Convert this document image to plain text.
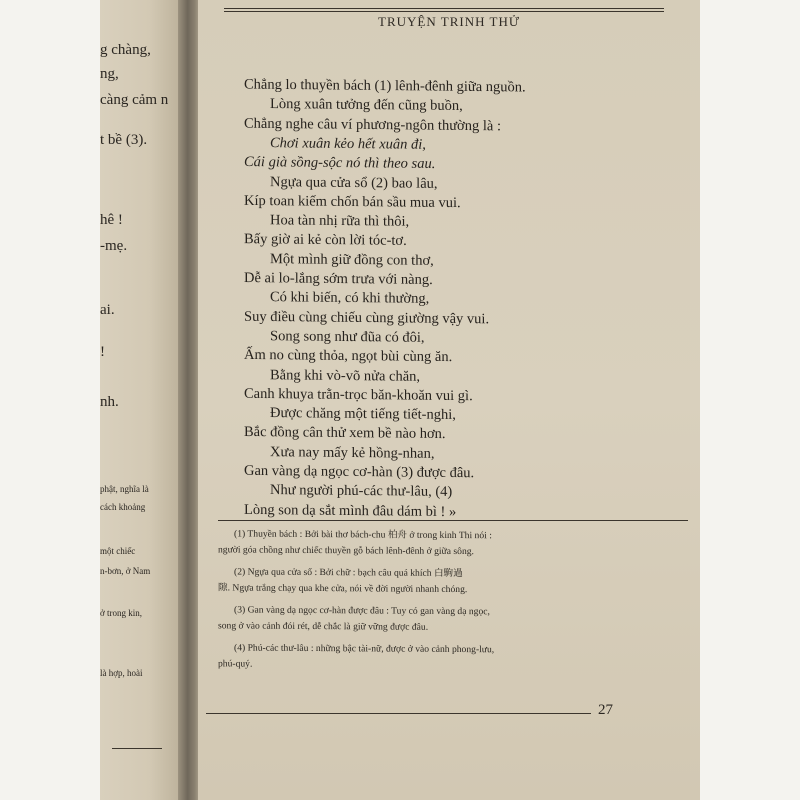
g chàng,
ng,
càng cảm n
t bề (3).
hê !
-mẹ.
ai.
!
nh.
phật, nghĩa là
cách khoảng
một chiếc
n-bơn, ở Nam
ở trong kin,
là hợp, hoài
TRUYỆN TRINH THỬ
Chẳng lo thuyền bách (1) lênh-đênh giữa nguồn.
Lòng xuân tưởng đến cũng buồn,
Chẳng nghe câu ví phương-ngôn thường là :
Chơi xuân kẻo hết xuân đi,
Cái già sồng-sộc nó thì theo sau.
Ngựa qua cửa sổ (2) bao lâu,
Kíp toan kiếm chốn bán sầu mua vui.
Hoa tàn nhị rữa thì thôi,
Bấy giờ ai kẻ còn lời tóc-tơ.
Một mình giữ đồng con thơ,
Dễ ai lo-lắng sớm trưa với nàng.
Có khi biến, có khi thường,
Suy điều cùng chiếu cùng giường vậy vui.
Song song như đũa có đôi,
Ấm no cùng thỏa, ngọt bùi cùng ăn.
Bằng khi vò-võ nửa chăn,
Canh khuya trằn-trọc băn-khoăn vui gì.
Được chăng một tiếng tiết-nghi,
Bắc đồng cân thử xem bề nào hơn.
Xưa nay mấy kẻ hồng-nhan,
Gan vàng dạ ngọc cơ-hàn (3) được đâu.
Như người phú-các thư-lâu, (4)
Lòng son dạ sắt mình đâu dám bì ! »
(1) Thuyền bách : Bởi bài thơ bách-chu 柏舟 ở trong kinh Thi nói :
người góa chồng như chiếc thuyền gỗ bách lênh-đênh ở giữa sông.
(2) Ngựa qua cửa sổ : Bởi chữ : bạch câu quá khích 白駒過
隙. Ngựa trắng chạy qua khe cửa, nói về đời người nhanh chóng.
(3) Gan vàng dạ ngọc cơ-hàn được đâu : Tuy có gan vàng dạ ngọc,
song ở vào cảnh đói rét, dễ chắc là giữ vững được đâu.
(4) Phú-các thư-lâu : những bậc tài-nữ, được ở vào cảnh phong-lưu,
phú-quý.
27
